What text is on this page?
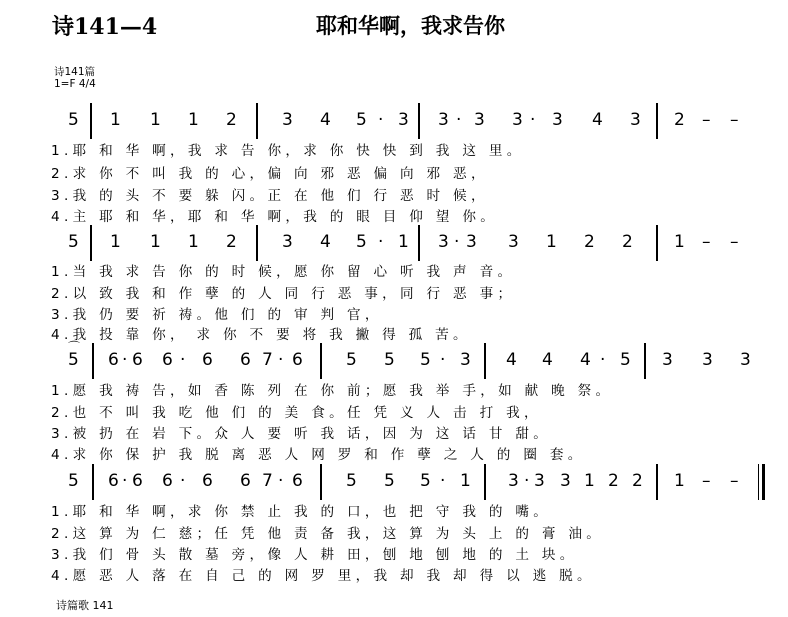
诗141—4	耶和华啊，我求告你
诗141篇
1=F 4/4
5 1 1 1 2	3 4 5 · 3 3 · 3 3 · 3 4 3 2 – –
1.耶 和 华 啊，我 求 告 你，求 你 快 快 到 我 这 里。
2.求 你 不 叫 我 的 心，偏 向 邪 恶 偏 向 邪 恶，
3.我 的 头 不 要 躲 闪。正 在 他 们 行 恶 时 候，
4.主 耶 和 华，耶 和 华 啊，我 的 眼 目 仰 望 你。
5 1 1 1 2	3 4 5 · 1 3 · 3 3 1 2 2 1 – –
1.当 我 求 告 你 的 时 候，愿 你 留 心 听 我 声 音。
2.以 致 我 和 作 孽 的 人 同 行 恶 事，同 行 恶 事；
3.我 仍 要 祈 祷。他 们 的 审 判 官，
4.我 投 靠 你， 求 你 不 要 将 我 撇 得 孤 苦。
⌒
5 6 · 6 6 · 6 6 7 · 6	5 5 5 · 3 4 4 4 · 5 3 3 3
1.愿 我 祷 告，如 香 陈 列 在 你 前；愿 我 举 手，如 献 晚 祭。
2.也 不 叫 我 吃 他 们 的 美 食。任 凭 义 人 击 打 我，
3.被 扔 在 岩 下。众 人 要 听 我 话，因 为 这 话 甘 甜。
4.求 你 保 护 我 脱 离 恶 人 网 罗 和 作 孽 之 人 的 圈 套。
5 6 · 6 6 · 6 6 7 · 6	5 5 5 · 1 3 · 3 3 1 2 2 1 – –
1.耶 和 华 啊，求 你 禁 止 我 的 口，也 把 守 我 的 嘴。
2.这 算 为 仁 慈；任 凭 他 责 备 我，这 算 为 头 上 的 膏 油。
3.我 们 骨 头 散 墓 旁，像 人 耕 田，刨 地 刨 地 的 土 块。
4.愿 恶 人 落 在 自 己 的 网 罗 里，我 却 我 却 得 以 逃 脱。
诗篇歌 141
